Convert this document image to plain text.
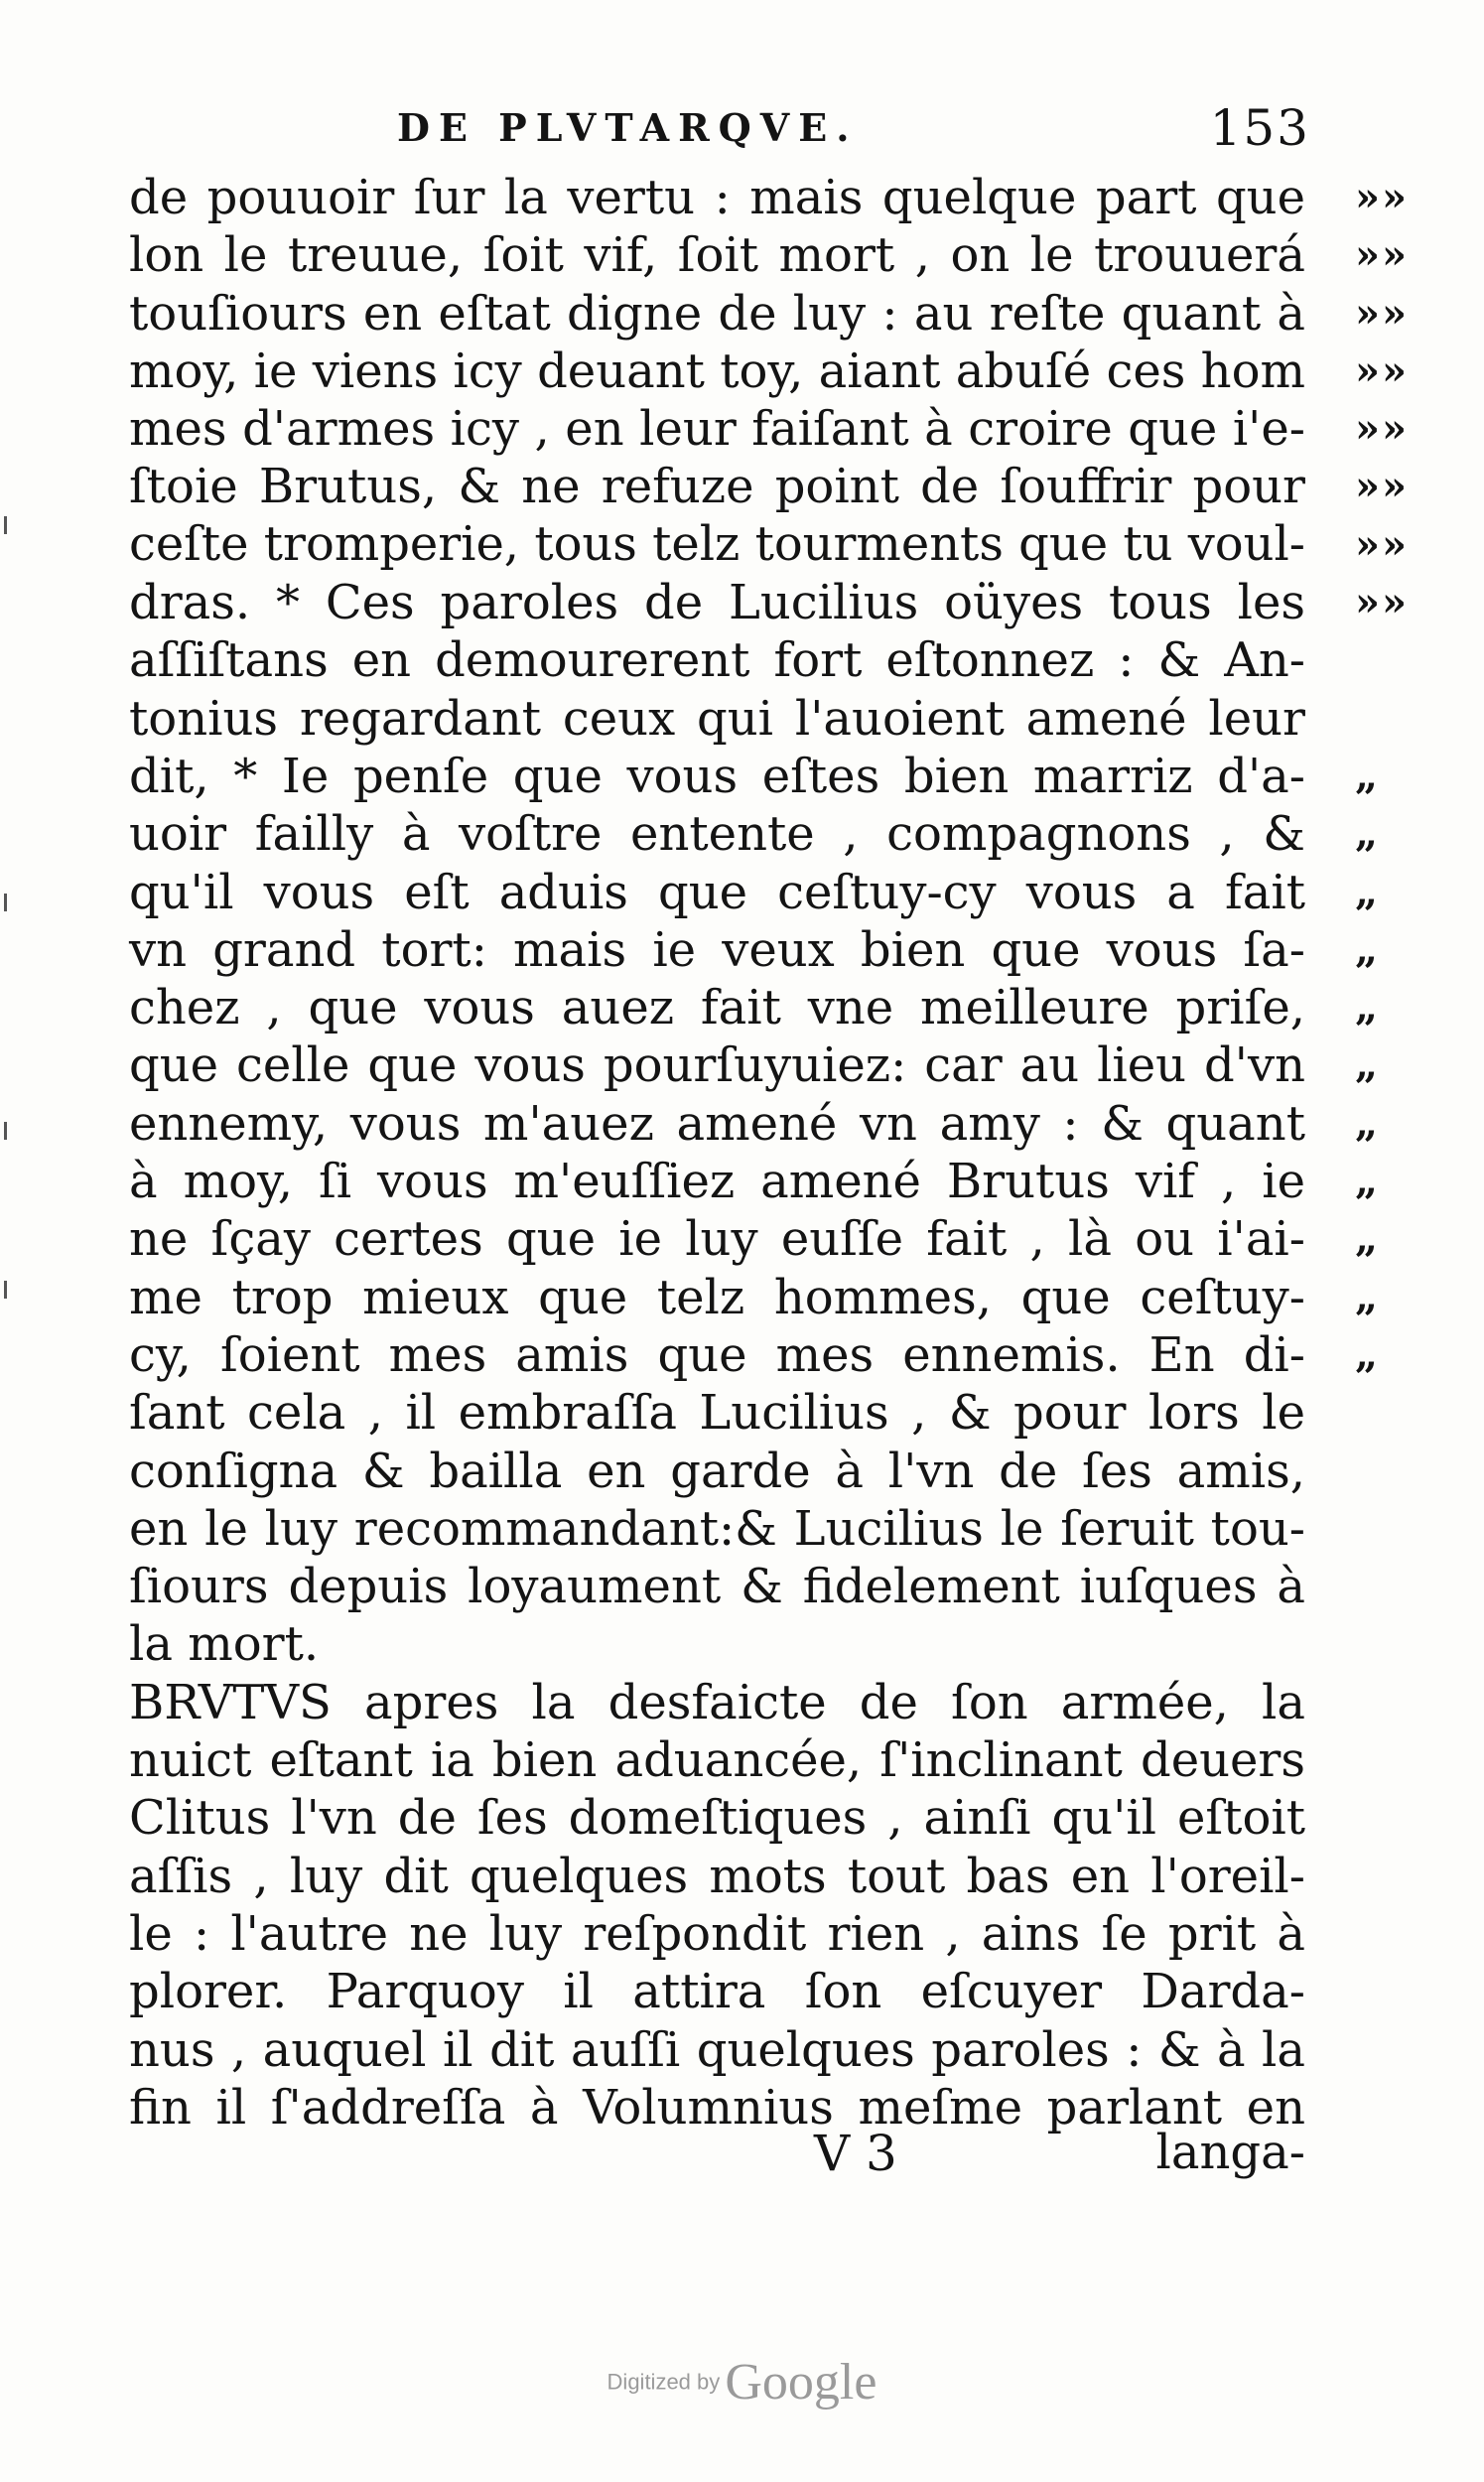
DE PLVTARQVE.	153
de pouuoir ſur la vertu : mais quelque part que »»
lon le treuue, ſoit vif, ſoit mort , on le trouuerá »»
touſiours en eſtat digne de luy : au reſte quant à »»
moy, ie viens icy deuant toy, aiant abuſé ces hom »»
mes d'armes icy , en leur faiſant à croire que i'e- »»
ſtoie Brutus, & ne refuze point de ſouffrir pour »»
ceſte tromperie, tous telz tourments que tu voul- »»
dras. * Ces paroles de Lucilius oüyes tous les »»
aſſiſtans en demourerent fort eſtonnez : & An-
tonius regardant ceux qui l'auoient amené leur
dit, * Ie penſe que vous eſtes bien marriz d'a- „
uoir failly à voſtre entente , compagnons , & „
qu'il vous eſt aduis que ceſtuy-cy vous a fait „
vn grand tort: mais ie veux bien que vous ſa- „
chez , que vous auez fait vne meilleure priſe, „
que celle que vous pourſuyuiez: car au lieu d'vn „
ennemy, vous m'auez amené vn amy : & quant „
à moy, ſi vous m'euſſiez amené Brutus vif , ie „
ne ſçay certes que ie luy euſſe fait , là ou i'ai- „
me trop mieux que telz hommes, que ceſtuy- „
cy, ſoient mes amis que mes ennemis. En di- „
ſant cela , il embraſſa Lucilius , & pour lors le
conſigna & bailla en garde à l'vn de ſes amis,
en le luy recommandant:& Lucilius le ſeruit tou-
ſiours depuis loyaument & fidelement iuſques à
la mort.
BRVTVS apres la desfaicte de ſon armée, la
nuict eſtant ia bien aduancée, ſ'inclinant deuers
Clitus l'vn de ſes domeſtiques , ainſi qu'il eſtoit
aſſis , luy dit quelques mots tout bas en l'oreil-
le : l'autre ne luy reſpondit rien , ains ſe prit à
plorer. Parquoy il attira ſon eſcuyer Darda-
nus , auquel il dit auſſi quelques paroles : & à la
fin il ſ'addreſſa à Volumnius meſme parlant en
V 3	langa-
Digitized by Google
